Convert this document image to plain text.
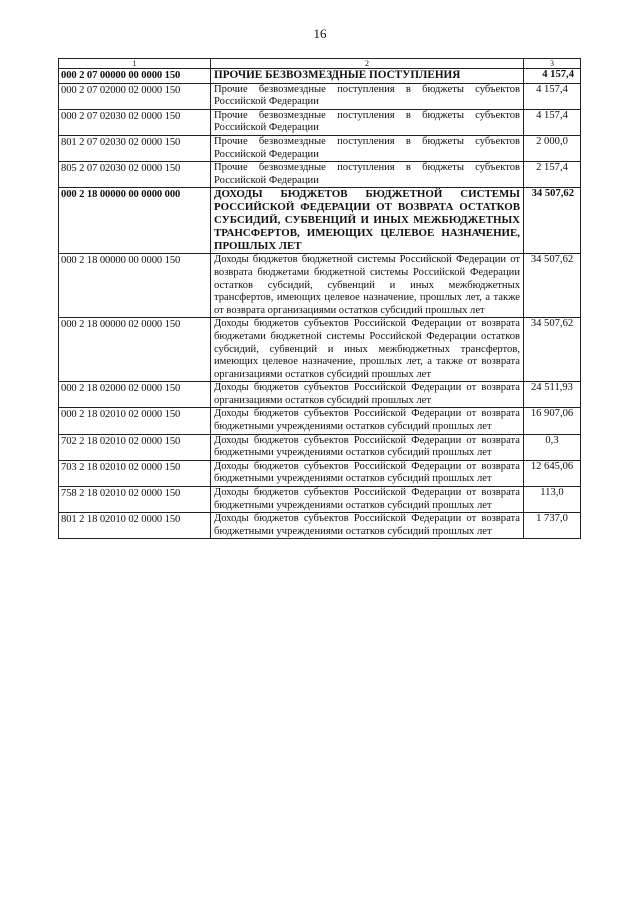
16
1	2	3
000 2 07 00000 00 0000 150	ПРОЧИЕ БЕЗВОЗМЕЗДНЫЕ ПОСТУПЛЕНИЯ	4 157,4
000 2 07 02000 02 0000 150	Прочие безвозмездные поступления в бюджеты субъектов Российской Федерации	4 157,4
000 2 07 02030 02 0000 150	Прочие безвозмездные поступления в бюджеты субъектов Российской Федерации	4 157,4
801 2 07 02030 02 0000 150	Прочие безвозмездные поступления в бюджеты субъектов Российской Федерации	2 000,0
805 2 07 02030 02 0000 150	Прочие безвозмездные поступления в бюджеты субъектов Российской Федерации	2 157,4
000 2 18 00000 00 0000 000	ДОХОДЫ БЮДЖЕТОВ БЮДЖЕТНОЙ СИСТЕМЫ РОССИЙСКОЙ ФЕДЕРАЦИИ ОТ ВОЗВРАТА ОСТАТКОВ СУБСИДИЙ, СУБВЕНЦИЙ И ИНЫХ МЕЖБЮДЖЕТНЫХ ТРАНСФЕРТОВ, ИМЕЮЩИХ ЦЕЛЕВОЕ НАЗНАЧЕНИЕ, ПРОШЛЫХ ЛЕТ	34 507,62
000 2 18 00000 00 0000 150	Доходы бюджетов бюджетной системы Российской Федерации от возврата бюджетами бюджетной системы Российской Федерации остатков субсидий, субвенций и иных межбюджетных трансфертов, имеющих целевое назначение, прошлых лет, а также от возврата организациями остатков субсидий прошлых лет	34 507,62
000 2 18 00000 02 0000 150	Доходы бюджетов субъектов Российской Федерации от возврата бюджетами бюджетной системы Российской Федерации остатков субсидий, субвенций и иных межбюджетных трансфертов, имеющих целевое назначение, прошлых лет, а также от возврата организациями остатков субсидий прошлых лет	34 507,62
000 2 18 02000 02 0000 150	Доходы бюджетов субъектов Российской Федерации от возврата организациями остатков субсидий прошлых лет	24 511,93
000 2 18 02010 02 0000 150	Доходы бюджетов субъектов Российской Федерации от возврата бюджетными учреждениями остатков субсидий прошлых лет	16 907,06
702 2 18 02010 02 0000 150	Доходы бюджетов субъектов Российской Федерации от возврата бюджетными учреждениями остатков субсидий прошлых лет	0,3
703 2 18 02010 02 0000 150	Доходы бюджетов субъектов Российской Федерации от возврата бюджетными учреждениями остатков субсидий прошлых лет	12 645,06
758 2 18 02010 02 0000 150	Доходы бюджетов субъектов Российской Федерации от возврата бюджетными учреждениями остатков субсидий прошлых лет	113,0
801 2 18 02010 02 0000 150	Доходы бюджетов субъектов Российской Федерации от возврата бюджетными учреждениями остатков субсидий прошлых лет	1 737,0
